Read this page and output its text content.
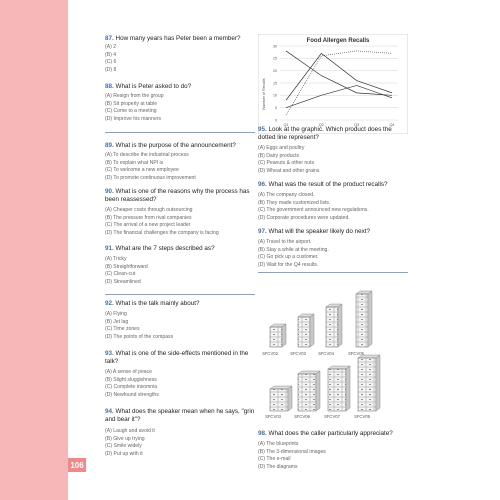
106
87. How many years has Peter been a member?
(A) 2
(B) 4
(C) 6
(D) 8
88. What is Peter asked to do?
(A) Resign from the group
(B) Sit properly at table
(C) Come to a meeting
(D) Improve his manners
89. What is the purpose of the announcement?
(A) To describe the industrial process
(B) To explain what NPI is
(C) To welcome a new employee
(D) To promote continuous improvement
90. What is one of the reasons why the process has been reassessed?
(A) Cheaper costs through outsourcing
(B) The pressure from rival companies
(C) The arrival of a new project leader
(D) The financial challenges the company is facing
91. What are the 7 steps described as?
(A) Tricky
(B) Straightforward
(C) Clean-cut
(D) Streamlined
92. What is the talk mainly about?
(A) Flying
(B) Jet lag
(C) Time zones
(D) The points of the compass
93. What is one of the side-effects mentioned in the talk?
(A) A sense of peace
(B) Slight sluggishness
(C) Complete insomnia
(D) Newfound strengths
94. What does the speaker mean when he says, "grin and bear it"?
(A) Laugh and avoid it
(B) Give up trying
(C) Smile widely
(D) Put up with it
Food Allergen Recalls
Number of Recalls
0
5
10
15
20
25
30
Q1	Q2	Q3	Q4
95. Look at the graphic. Which product does the dotted line represent?
(A) Eggs and poultry
(B) Dairy products
(C) Peanuts & other nuts
(D) Wheat and other grains
96. What was the result of the product recalls?
(A) The company closed.
(B) They made customized lists.
(C) The government announced new regulations.
(D) Corporate procedures were updated.
97. What will the speaker likely do next?
(A) Travel to the airport.
(B) Stay a while at the meeting.
(C) Go pick up a customer.
(D) Wait for the Q4 results.
98. What does the caller particularly appreciate?
(A) The blueprints
(B) The 3-dimensional images
(C) The e-mail
(D) The diagrams
SFCV02	SFCV03	SFCV04	SFCV05
SFCV03	SFCV06	SFCV07	SFCV09
